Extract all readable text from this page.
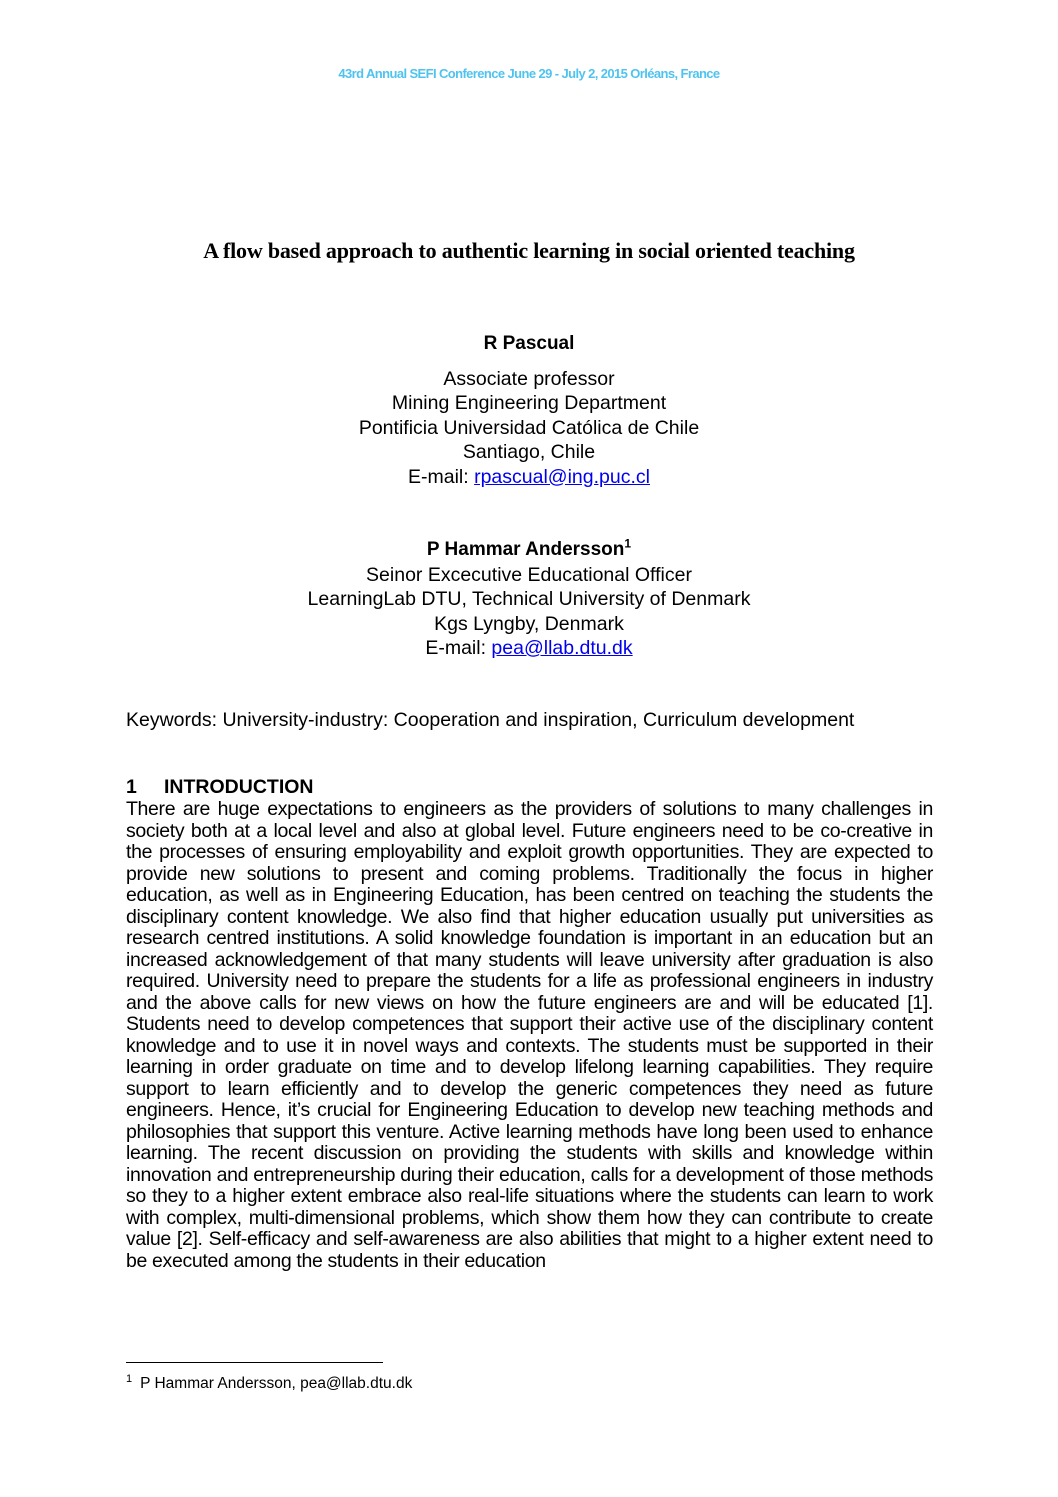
43rd Annual SEFI Conference June 29 - July 2, 2015 Orléans, France
A flow based approach to authentic learning in social oriented teaching
R Pascual
Associate professor
Mining Engineering Department
Pontificia Universidad Católica de Chile
Santiago, Chile
E-mail: rpascual@ing.puc.cl
P Hammar Andersson$^1$
Seinor Excecutive Educational Officer
LearningLab DTU, Technical University of Denmark
Kgs Lyngby, Denmark
E-mail: pea@llab.dtu.dk
Keywords: University-industry: Cooperation and inspiration, Curriculum development
1 INTRODUCTION

There are huge expectations to engineers as the providers of solutions to many challenges in society both at a local level and also at global level. Future engineers need to be co-creative in the processes of ensuring employability and exploit growth opportunities. They are expected to provide new solutions to present and coming problems. Traditionally the focus in higher education, as well as in Engineering Education, has been centred on teaching the students the disciplinary content knowledge. We also find that higher education usually put universities as research centred institutions. A solid knowledge foundation is important in an education but an increased acknowledgement of that many students will leave university after graduation is also required. University need to prepare the students for a life as professional engineers in industry and the above calls for new views on how the future engineers are and will be educated [1]. Students need to develop competences that support their active use of the disciplinary content knowledge and to use it in novel ways and contexts. The students must be supported in their learning in order graduate on time and to develop lifelong learning capabilities. They require support to learn efficiently and to develop the generic competences they need as future engineers. Hence, it’s crucial for Engineering Education to develop new teaching methods and philosophies that support this venture. Active learning methods have long been used to enhance learning. The recent discussion on providing the students with skills and knowledge within innovation and entrepreneurship during their education, calls for a development of those methods so they to a higher extent embrace also real-life situations where the students can learn to work with complex, multi-dimensional problems, which show them how they can contribute to create value [2]. Self-efficacy and self-awareness are also abilities that might to a higher extent need to be executed among the students in their education

$^1$ P Hammar Andersson, pea@llab.dtu.dk
